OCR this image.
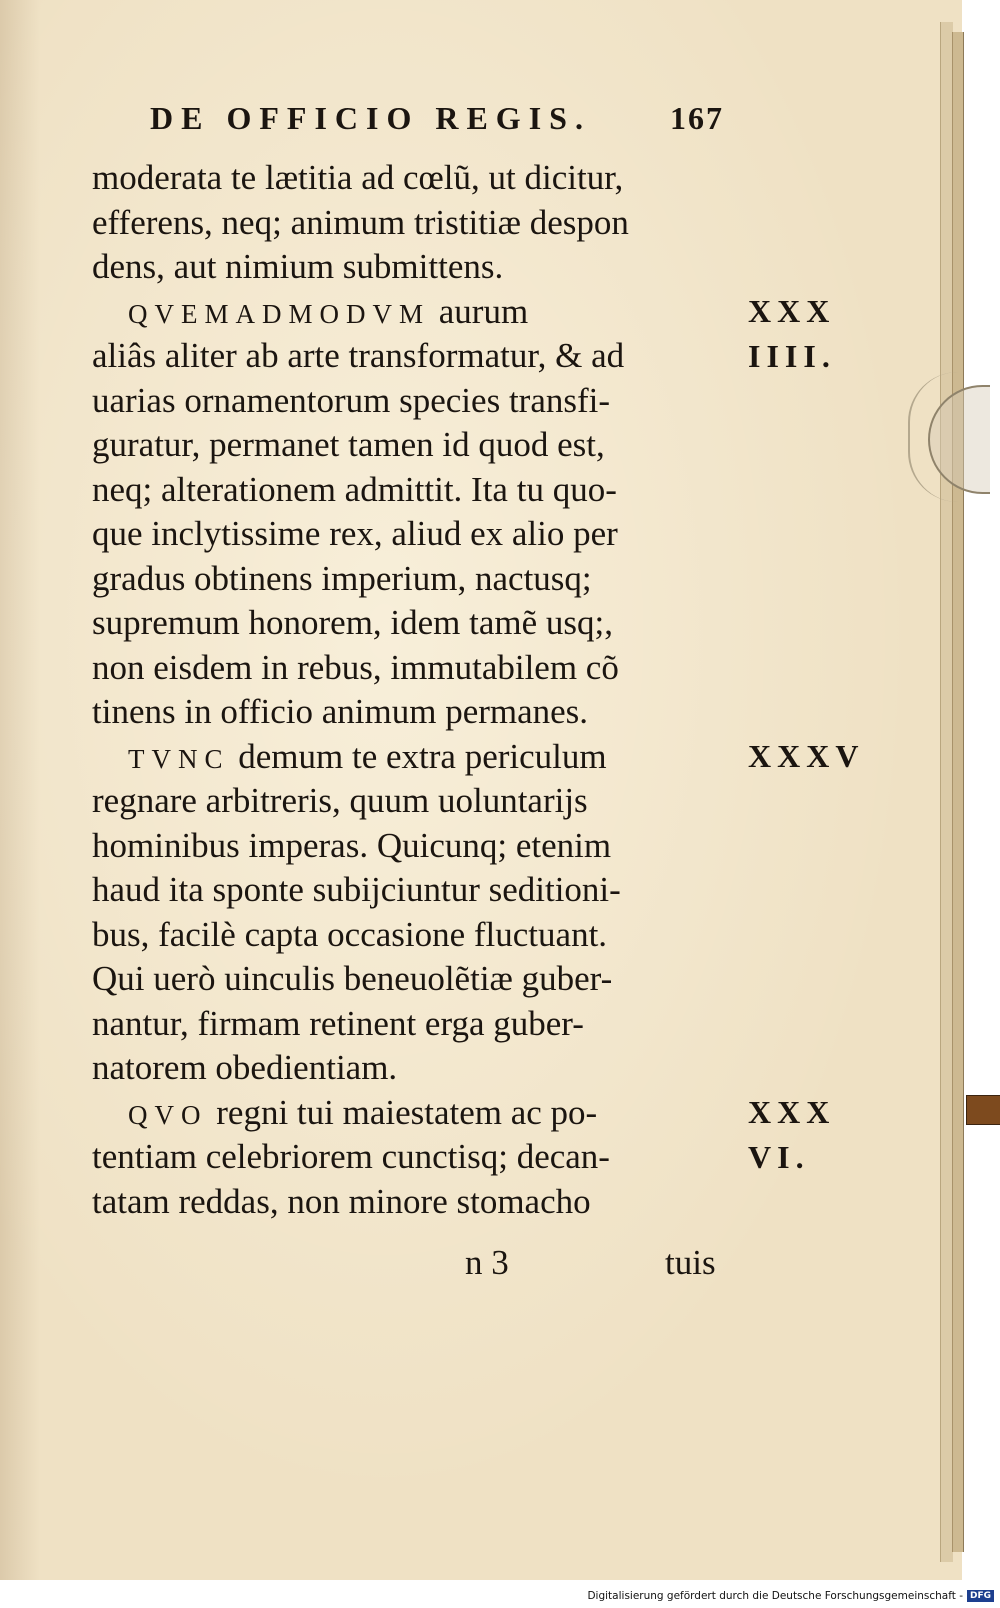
DE OFFICIO REGIS. 167
moderata te lætitia ad cœlũ, ut dicitur,
efferens, neq; animum tristitiæ despon
dens, aut nimium submittens.
QVEMADMODVM aurum
aliâs aliter ab arte transformatur, & ad
uarias ornamentorum species transfi-
guratur, permanet tamen id quod est,
neq; alterationem admittit. Ita tu quo-
que inclytissime rex, aliud ex alio per
gradus obtinens imperium, nactusq;
supremum honorem, idem tamẽ usq;,
non eisdem in rebus, immutabilem cõ
tinens in officio animum permanes.
TVNC demum te extra periculum
regnare arbitreris, quum uoluntarijs
hominibus imperas. Quicunq; etenim
haud ita sponte subijciuntur seditioni-
bus, facilè capta occasione fluctuant.
Qui uerò uinculis beneuolẽtiæ guber-
nantur, firmam retinent erga guber-
natorem obedientiam.
QVO regni tui maiestatem ac po-
tentiam celebriorem cunctisq; decan-
tatam reddas, non minore stomacho
XXX
IIII.
XXXV
XXX
VI.
n 3	tuis
Digitalisierung gefördert durch die Deutsche Forschungsgemeinschaft - DFG
